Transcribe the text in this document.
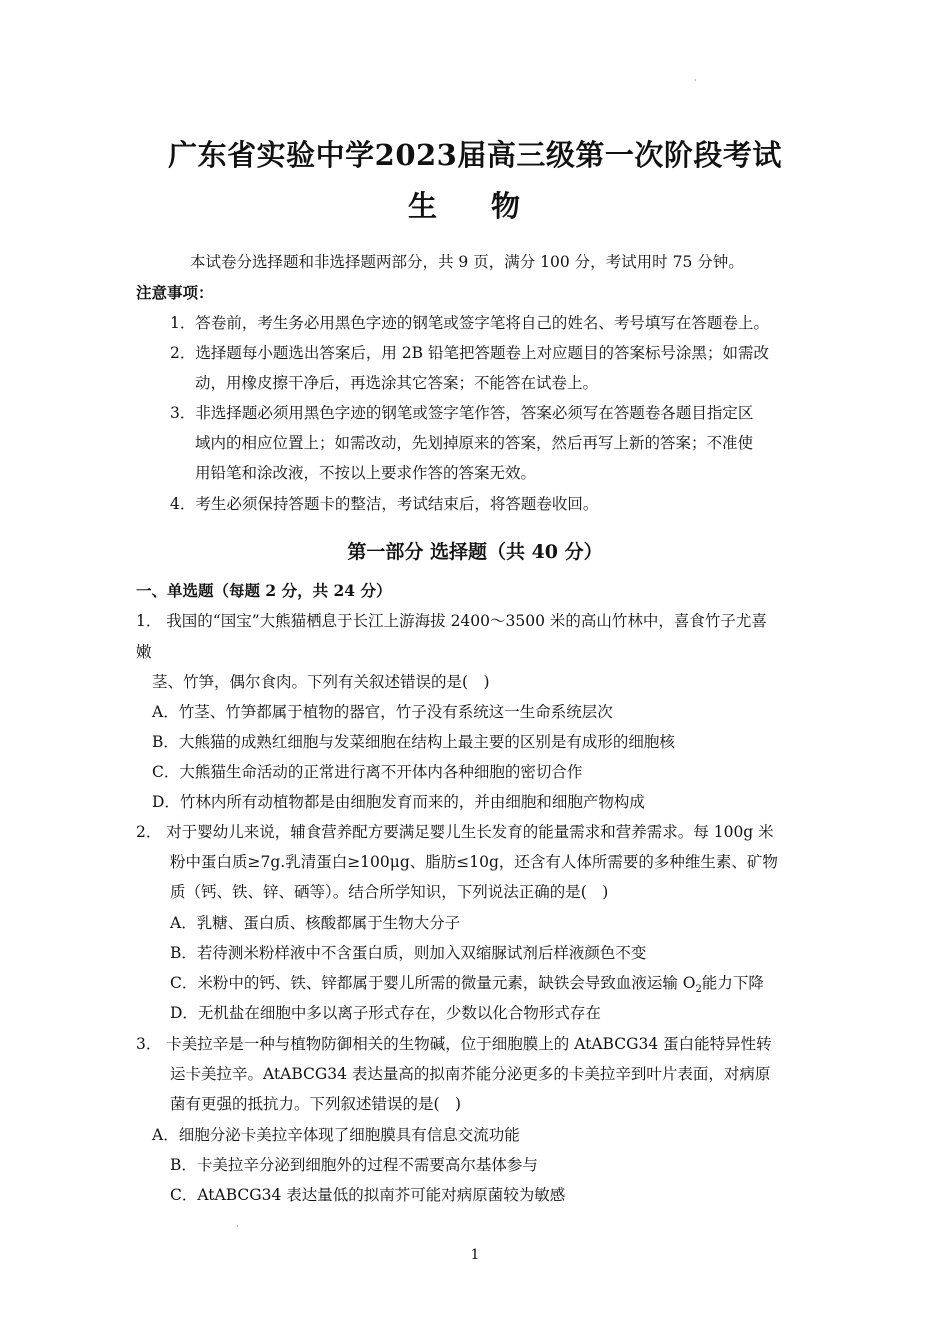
·
广东省实验中学2023届高三级第一次阶段考试
生 物
本试卷分选择题和非选择题两部分，共 9 页，满分 100 分，考试用时 75 分钟。
注意事项：
1．答卷前，考生务必用黑色字迹的钢笔或签字笔将自己的姓名、考号填写在答题卷上。
2．选择题每小题选出答案后，用 2B 铅笔把答题卷上对应题目的答案标号涂黑；如需改
动，用橡皮擦干净后，再选涂其它答案；不能答在试卷上。
3．非选择题必须用黑色字迹的钢笔或签字笔作答，答案必须写在答题卷各题目指定区
域内的相应位置上；如需改动，先划掉原来的答案，然后再写上新的答案；不准使
用铅笔和涂改液，不按以上要求作答的答案无效。
4．考生必须保持答题卡的整洁，考试结束后，将答题卷收回。
第一部分 选择题（共 40 分）
一、单选题（每题 2 分，共 24 分）
1． 我国的“国宝”大熊猫栖息于长江上游海拔 2400～3500 米的高山竹林中，喜食竹子尤喜
嫩
茎、竹笋，偶尔食肉。下列有关叙述错误的是(　)
A．竹茎、竹笋都属于植物的器官，竹子没有系统这一生命系统层次
B．大熊猫的成熟红细胞与发菜细胞在结构上最主要的区别是有成形的细胞核
C．大熊猫生命活动的正常进行离不开体内各种细胞的密切合作
D．竹林内所有动植物都是由细胞发育而来的，并由细胞和细胞产物构成
2． 对于婴幼儿来说，辅食营养配方要满足婴儿生长发育的能量需求和营养需求。每 100g 米
粉中蛋白质≥7g.乳清蛋白≥100μg、脂肪≤10g，还含有人体所需要的多种维生素、矿物
质（钙、铁、锌、硒等）。结合所学知识，下列说法正确的是(　)
A．乳糖、蛋白质、核酸都属于生物大分子
B．若待测米粉样液中不含蛋白质，则加入双缩脲试剂后样液颜色不变
C．米粉中的钙、铁、锌都属于婴儿所需的微量元素，缺铁会导致血液运输 $O_2$能力下降
D．无机盐在细胞中多以离子形式存在，少数以化合物形式存在
3． 卡美拉辛是一种与植物防御相关的生物碱，位于细胞膜上的 AtABCG34 蛋白能特异性转
运卡美拉辛。AtABCG34 表达量高的拟南芥能分泌更多的卡美拉辛到叶片表面，对病原
菌有更强的抵抗力。下列叙述错误的是(　)
A．细胞分泌卡美拉辛体现了细胞膜具有信息交流功能
B．卡美拉辛分泌到细胞外的过程不需要高尔基体参与
C．AtABCG34 表达量低的拟南芥可能对病原菌较为敏感
·
1
